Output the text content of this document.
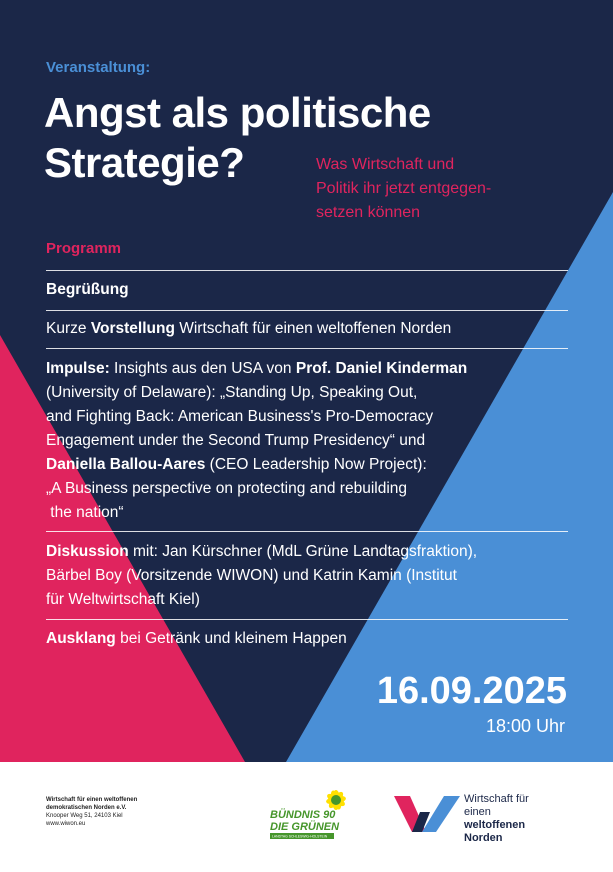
Veranstaltung:
Angst als politische
Strategie?	Was Wirtschaft und
Politik ihr jetzt entgegen-
setzen können
Programm
Begrüßung
Kurze Vorstellung Wirtschaft für einen weltoffenen Norden
Impulse: Insights aus den USA von Prof. Daniel Kinderman
(University of Delaware): „Standing Up, Speaking Out,
and Fighting Back: American Business's Pro-Democracy
Engagement under the Second Trump Presidency“ und
Daniella Ballou-Aares (CEO Leadership Now Project):
„A Business perspective on protecting and rebuilding
the nation“
Diskussion mit: Jan Kürschner (MdL Grüne Landtagsfraktion),
Bärbel Boy (Vorsitzende WIWON) und Katrin Kamin (Institut
für Weltwirtschaft Kiel)
Ausklang bei Getränk und kleinem Happen
16.09.2025
18:00 Uhr
Wirtschaft für einen weltoffenen
demokratischen Norden e.V.
Knooper Weg 51, 24103 Kiel
www.wiwon.eu
BÜNDNIS 90
DIE GRÜNEN
LANDTAG SCHLESWIG-HOLSTEIN
Wirtschaft für
einen
weltoffenen
Norden
